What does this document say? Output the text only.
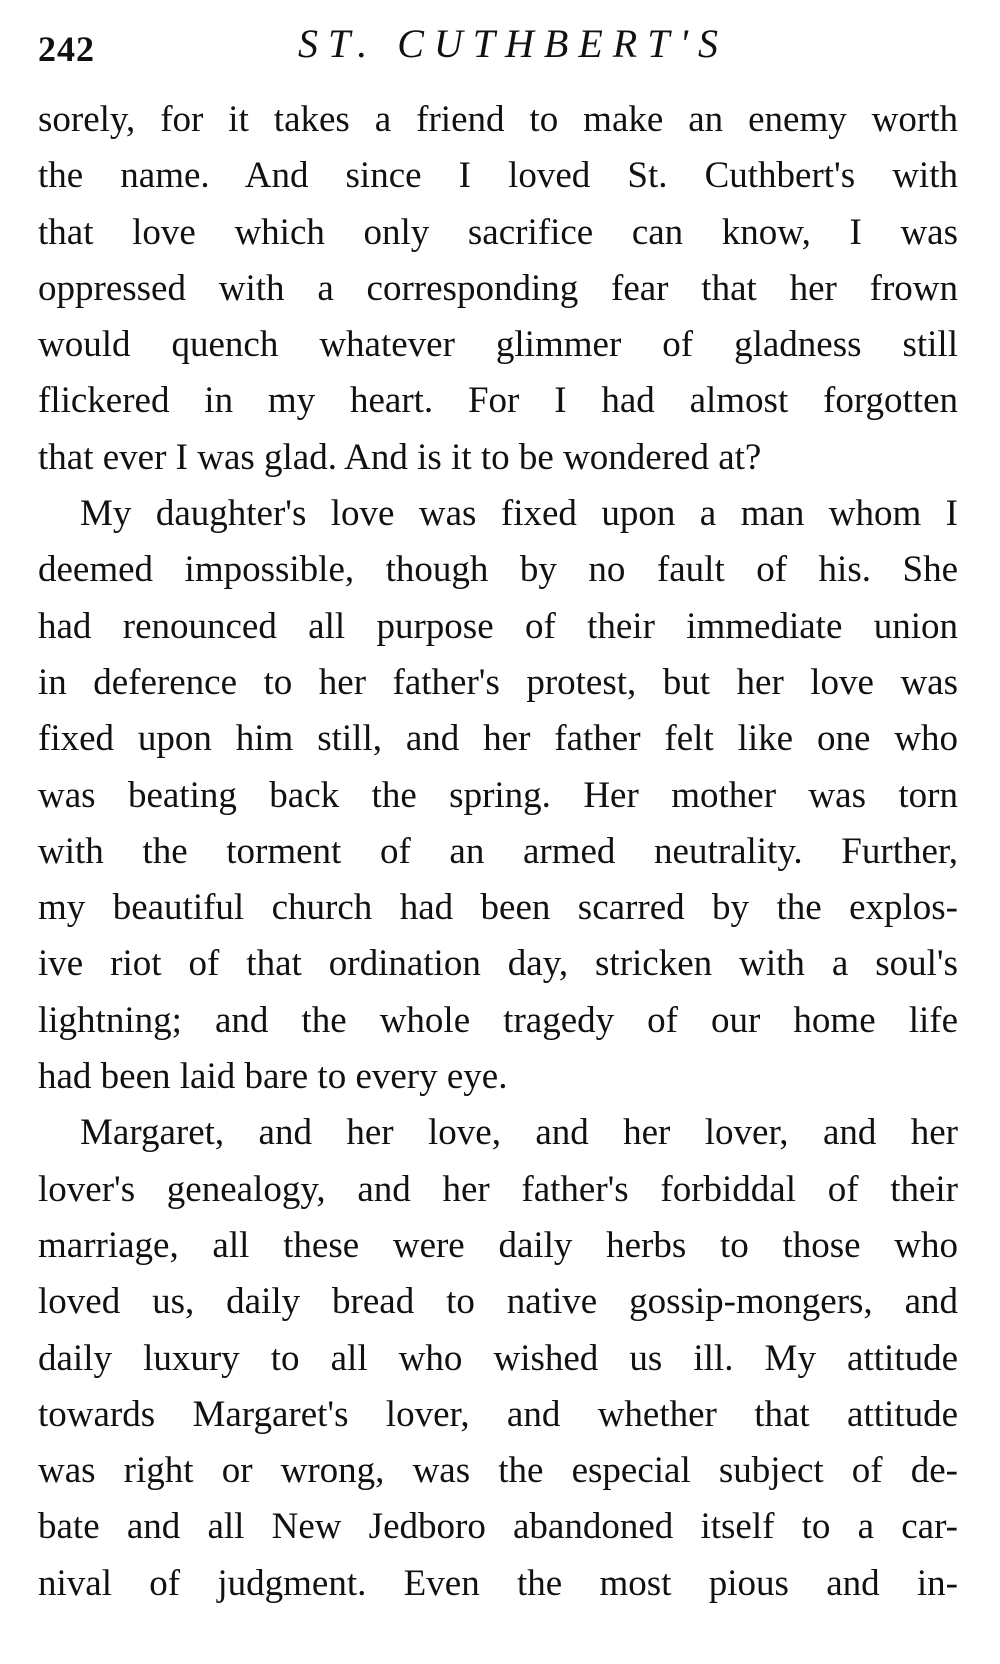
242	ST. CUTHBERT'S
sorely, for it takes a friend to make an enemy worth
the name. And since I loved St. Cuthbert's with
that love which only sacrifice can know, I was
oppressed with a corresponding fear that her frown
would quench whatever glimmer of gladness still
flickered in my heart. For I had almost forgotten
that ever I was glad. And is it to be wondered at?
My daughter's love was fixed upon a man whom I
deemed impossible, though by no fault of his. She
had renounced all purpose of their immediate union
in deference to her father's protest, but her love was
fixed upon him still, and her father felt like one who
was beating back the spring. Her mother was torn
with the torment of an armed neutrality. Further,
my beautiful church had been scarred by the explos-
ive riot of that ordination day, stricken with a soul's
lightning; and the whole tragedy of our home life
had been laid bare to every eye.
Margaret, and her love, and her lover, and her
lover's genealogy, and her father's forbiddal of their
marriage, all these were daily herbs to those who
loved us, daily bread to native gossip-mongers, and
daily luxury to all who wished us ill. My attitude
towards Margaret's lover, and whether that attitude
was right or wrong, was the especial subject of de-
bate and all New Jedboro abandoned itself to a car-
nival of judgment. Even the most pious and in-
